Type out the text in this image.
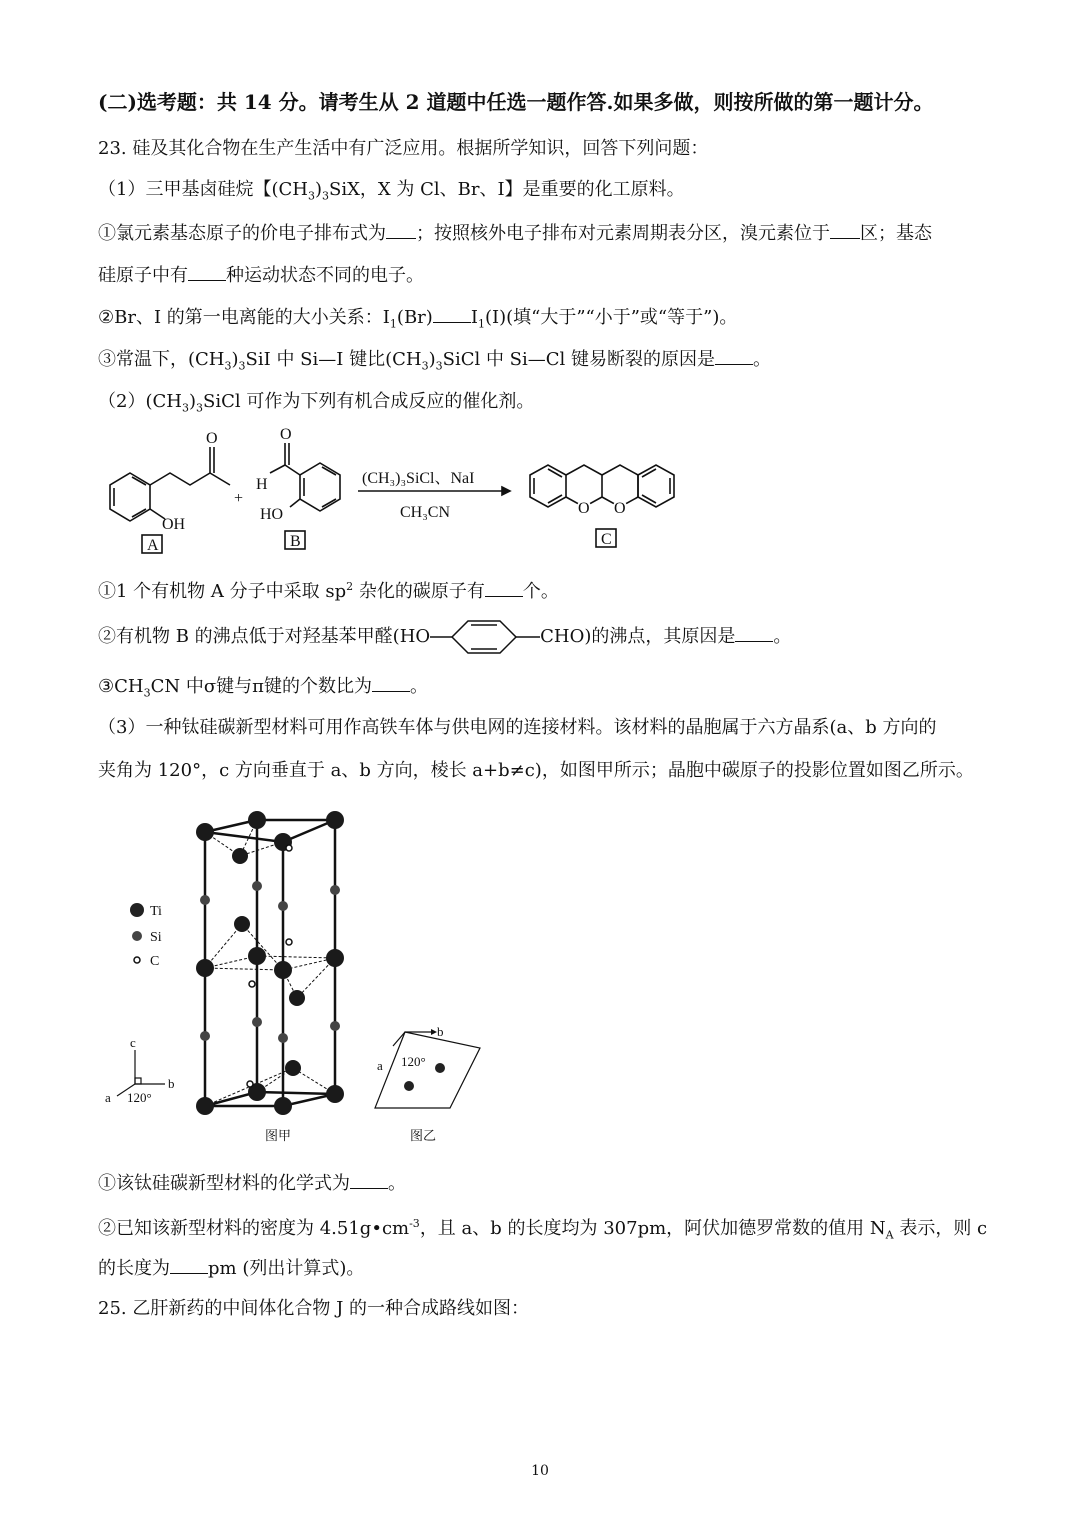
(二)选考题：共 14 分。请考生从 2 道题中任选一题作答.如果多做，则按所做的第一题计分。
23. 硅及其化合物在生产生活中有广泛应用。根据所学知识，回答下列问题：
（1）三甲基卤硅烷【$(CH_3)_3SiX$，X 为 Cl、Br、I】是重要的化工原料。
①氯元素基态原子的价电子排布式为 ；按照核外电子排布对元素周期表分区，溴元素位于 区；基态
硅原子中有 种运动状态不同的电子。
②Br、I 的第一电离能的大小关系：$I_1(Br)$ $I_1(I)$(填“大于”“小于”或“等于”)。
③常温下，$(CH_3)_3SiI$ 中 Si—I 键比$(CH_3)_3SiCl$ 中 Si—Cl 键易断裂的原因是 。
$(2)(CH_3)_3SiCl$ 可作为下列有机合成反应的催化剂。
O
OH
+
O
H
HO
(CH₃)₃SiCl、NaI
CH₃CN	O O
A	B	C
①1 个有机物 A 分子中采取 $sp^2$ 杂化的碳原子有 个。
②有机物 B 的沸点低于对羟基苯甲醛(HO	CHO)的沸点，其原因是 。
$③CH_3CN$ 中σ键与π键的个数比为 。
（3）一种钛硅碳新型材料可用作高铁车体与供电网的连接材料。该材料的晶胞属于六方晶系(a、b 方向的
夹角为 120°，c 方向垂直于 a、b 方向，棱长 a+b≠c)，如图甲所示；晶胞中碳原子的投影位置如图乙所示。
Ti
Si
C
c
b
a 120°
图甲
b
a 120°
图乙
①该钛硅碳新型材料的化学式为 。
②已知该新型材料的密度为 $4.51g•cm^{-3}$，且 a、b 的长度均为 307pm，阿伏加德罗常数的值用 $N_A$ 表示，则 c
的长度为 pm (列出计算式)。
25. 乙肝新药的中间体化合物 J 的一种合成路线如图：
10
